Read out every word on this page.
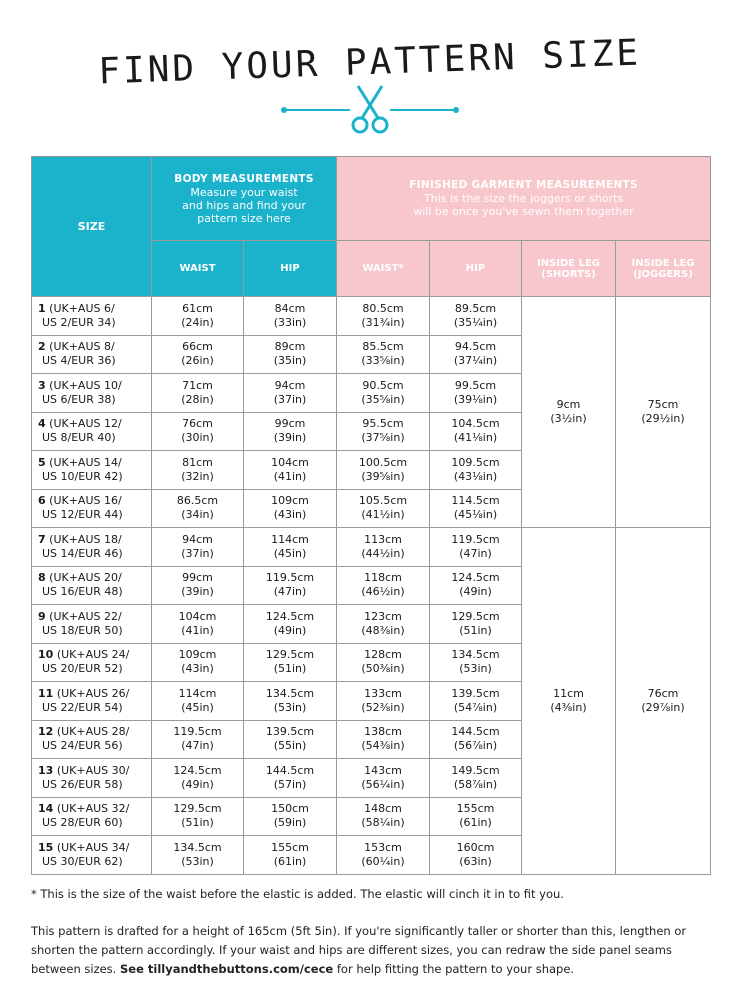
FIND YOUR PATTERN SIZE
SIZE	BODY MEASUREMENTS
Measure your waist
and hips and find your
pattern size here		FINISHED GARMENT MEASUREMENTS
This is the size the joggers or shorts
will be once you've sewn them together			

	WAIST	HIP	WAIST*	HIP	INSIDE LEG
(SHORTS)	INSIDE LEG
(JOGGERS)

1 (UK+AUS 6/
US 2/EUR 34)	61cm
(24in)	84cm
(33in)	80.5cm
(31¾in)	89.5cm
(35¼in)	9cm
(3½in)	75cm
(29½in)

2 (UK+AUS 8/
US 4/EUR 36)	66cm
(26in)	89cm
(35in)	85.5cm
(33⅝in)	94.5cm
(37¼in)		

3 (UK+AUS 10/
US 6/EUR 38)	71cm
(28in)	94cm
(37in)	90.5cm
(35⅝in)	99.5cm
(39⅛in)		

4 (UK+AUS 12/
US 8/EUR 40)	76cm
(30in)	99cm
(39in)	95.5cm
(37⅝in)	104.5cm
(41⅛in)		

5 (UK+AUS 14/
US 10/EUR 42)	81cm
(32in)	104cm
(41in)	100.5cm
(39⅝in)	109.5cm
(43⅛in)		

6 (UK+AUS 16/
US 12/EUR 44)	86.5cm
(34in)	109cm
(43in)	105.5cm
(41½in)	114.5cm
(45⅛in)		

7 (UK+AUS 18/
US 14/EUR 46)	94cm
(37in)	114cm
(45in)	113cm
(44½in)	119.5cm
(47in)	11cm
(4⅜in)	76cm
(29⅞in)

8 (UK+AUS 20/
US 16/EUR 48)	99cm
(39in)	119.5cm
(47in)	118cm
(46½in)	124.5cm
(49in)		

9 (UK+AUS 22/
US 18/EUR 50)	104cm
(41in)	124.5cm
(49in)	123cm
(48⅜in)	129.5cm
(51in)		

10 (UK+AUS 24/
US 20/EUR 52)	109cm
(43in)	129.5cm
(51in)	128cm
(50⅜in)	134.5cm
(53in)		

11 (UK+AUS 26/
US 22/EUR 54)	114cm
(45in)	134.5cm
(53in)	133cm
(52⅜in)	139.5cm
(54⅞in)		

12 (UK+AUS 28/
US 24/EUR 56)	119.5cm
(47in)	139.5cm
(55in)	138cm
(54⅜in)	144.5cm
(56⅞in)		

13 (UK+AUS 30/
US 26/EUR 58)	124.5cm
(49in)	144.5cm
(57in)	143cm
(56¼in)	149.5cm
(58⅞in)		

14 (UK+AUS 32/
US 28/EUR 60)	129.5cm
(51in)	150cm
(59in)	148cm
(58¼in)	155cm
(61in)		

15 (UK+AUS 34/
US 30/EUR 62)	134.5cm
(53in)	155cm
(61in)	153cm
(60¼in)	160cm
(63in)		
* This is the size of the waist before the elastic is added. The elastic will cinch it in to fit you.
This pattern is drafted for a height of 165cm (5ft 5in). If you're significantly taller or shorter than this, lengthen or shorten the pattern accordingly. If your waist and hips are different sizes, you can redraw the side panel seams between sizes. See tillyandthebuttons.com/cece for help fitting the pattern to your shape.
